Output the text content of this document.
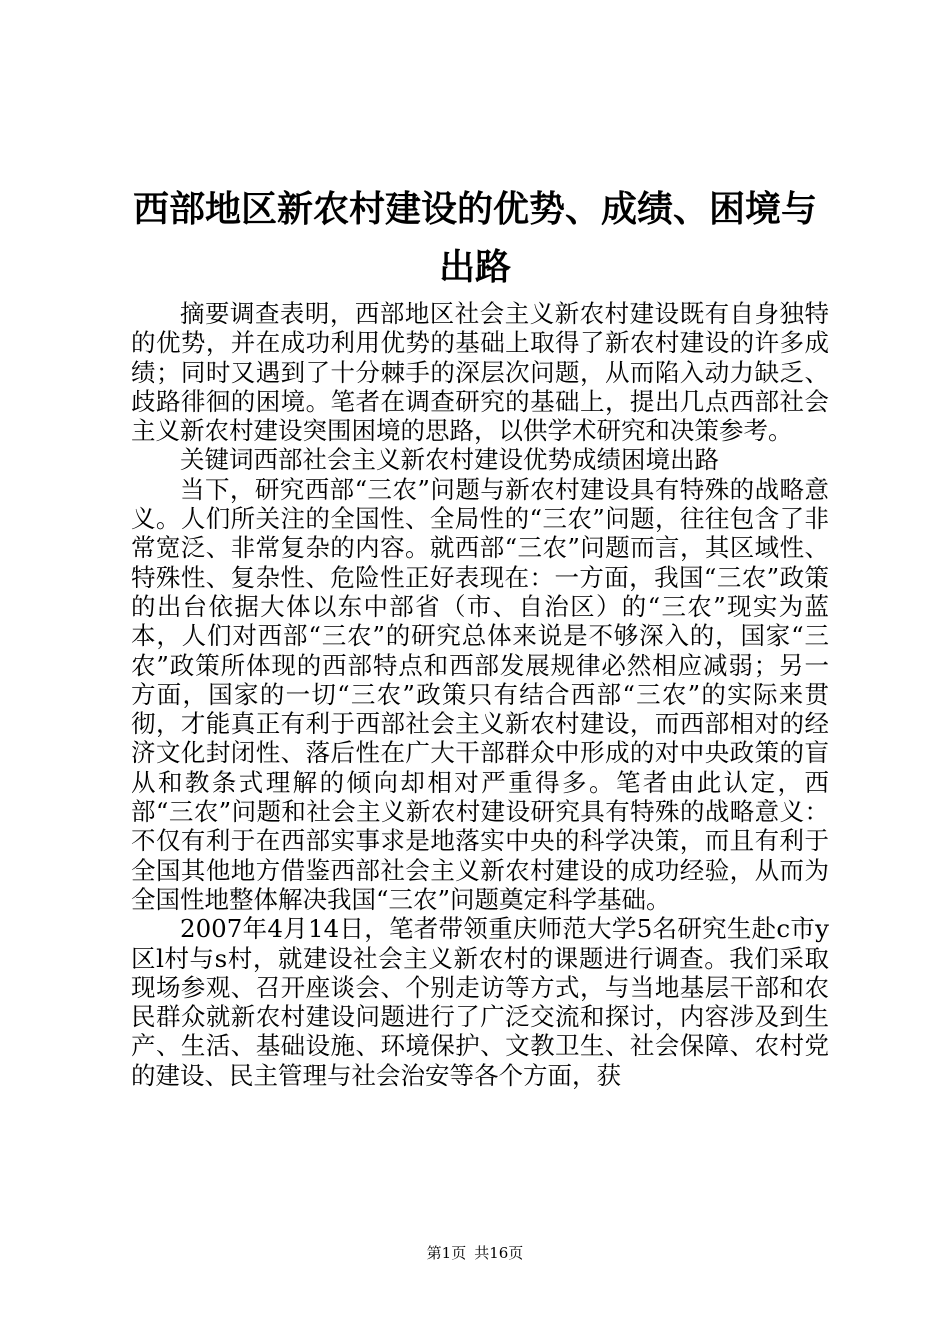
西部地区新农村建设的优势、成绩、困境与出路

摘要调查表明，西部地区社会主义新农村建设既有自身独特的优势，并在成功利用优势的基础上取得了新农村建设的许多成绩；同时又遇到了十分棘手的深层次问题，从而陷入动力缺乏、歧路徘徊的困境。笔者在调查研究的基础上，提出几点西部社会主义新农村建设突围困境的思路，以供学术研究和决策参考。

关键词西部社会主义新农村建设优势成绩困境出路

当下，研究西部“三农”问题与新农村建设具有特殊的战略意义。人们所关注的全国性、全局性的“三农”问题，往往包含了非常宽泛、非常复杂的内容。就西部“三农”问题而言，其区域性、特殊性、复杂性、危险性正好表现在：一方面，我国“三农”政策的出台依据大体以东中部省（市、自治区）的“三农”现实为蓝本，人们对西部“三农”的研究总体来说是不够深入的，国家“三农”政策所体现的西部特点和西部发展规律必然相应减弱；另一方面，国家的一切“三农”政策只有结合西部“三农”的实际来贯彻，才能真正有利于西部社会主义新农村建设，而西部相对的经济文化封闭性、落后性在广大干部群众中形成的对中央政策的盲从和教条式理解的倾向却相对严重得多。笔者由此认定，西部“三农”问题和社会主义新农村建设研究具有特殊的战略意义：不仅有利于在西部实事求是地落实中央的科学决策，而且有利于全国其他地方借鉴西部社会主义新农村建设的成功经验，从而为全国性地整体解决我国“三农”问题奠定科学基础。

2007年4月14日，笔者带领重庆师范大学5名研究生赴c市y区l村与s村，就建设社会主义新农村的课题进行调查。我们采取现场参观、召开座谈会、个别走访等方式，与当地基层干部和农民群众就新农村建设问题进行了广泛交流和探讨，内容涉及到生产、生活、基础设施、环境保护、文教卫生、社会保障、农村党的建设、民主管理与社会治安等各个方面，获

第1页 共16页
